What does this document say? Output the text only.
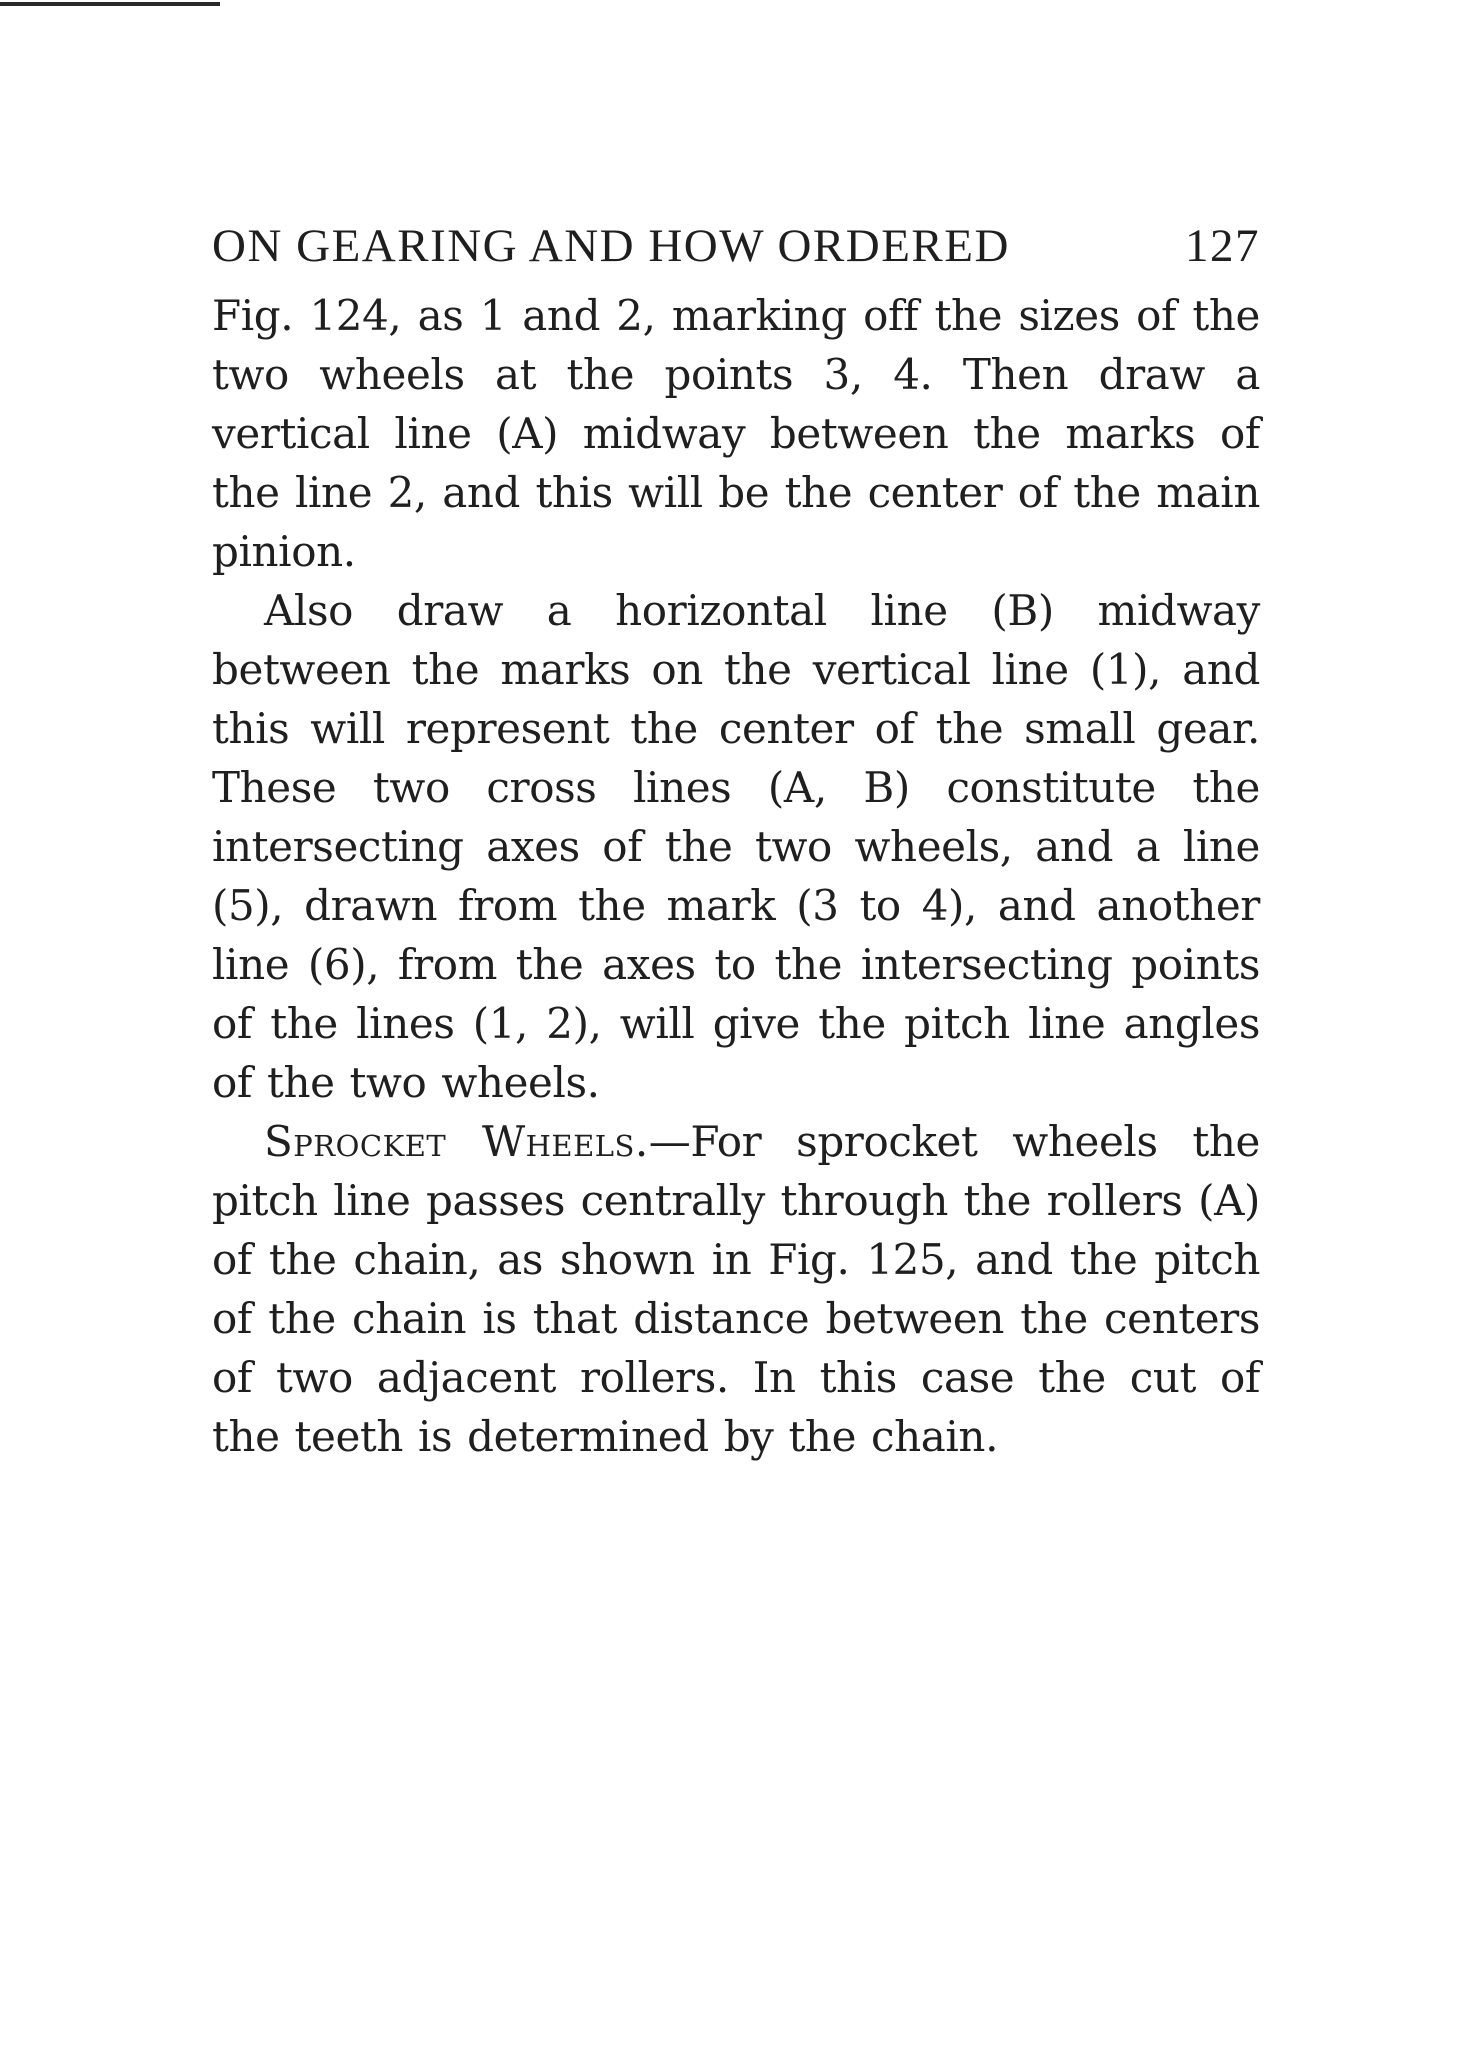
ON GEARING AND HOW ORDERED	127

Fig. 124, as 1 and 2, marking off the sizes of the two wheels at the points 3, 4. Then draw a vertical line (A) midway between the marks of the line 2, and this will be the center of the main pinion.

Also draw a horizontal line (B) midway between the marks on the vertical line (1), and this will represent the center of the small gear. These two cross lines (A, B) constitute the intersecting axes of the two wheels, and a line (5), drawn from the mark (3 to 4), and another line (6), from the axes to the intersecting points of the lines (1, 2), will give the pitch line angles of the two wheels.

Sprocket Wheels.—For sprocket wheels the pitch line passes centrally through the rollers (A) of the chain, as shown in Fig. 125, and the pitch of the chain is that distance between the centers of two adjacent rollers. In this case the cut of the teeth is determined by the chain.
